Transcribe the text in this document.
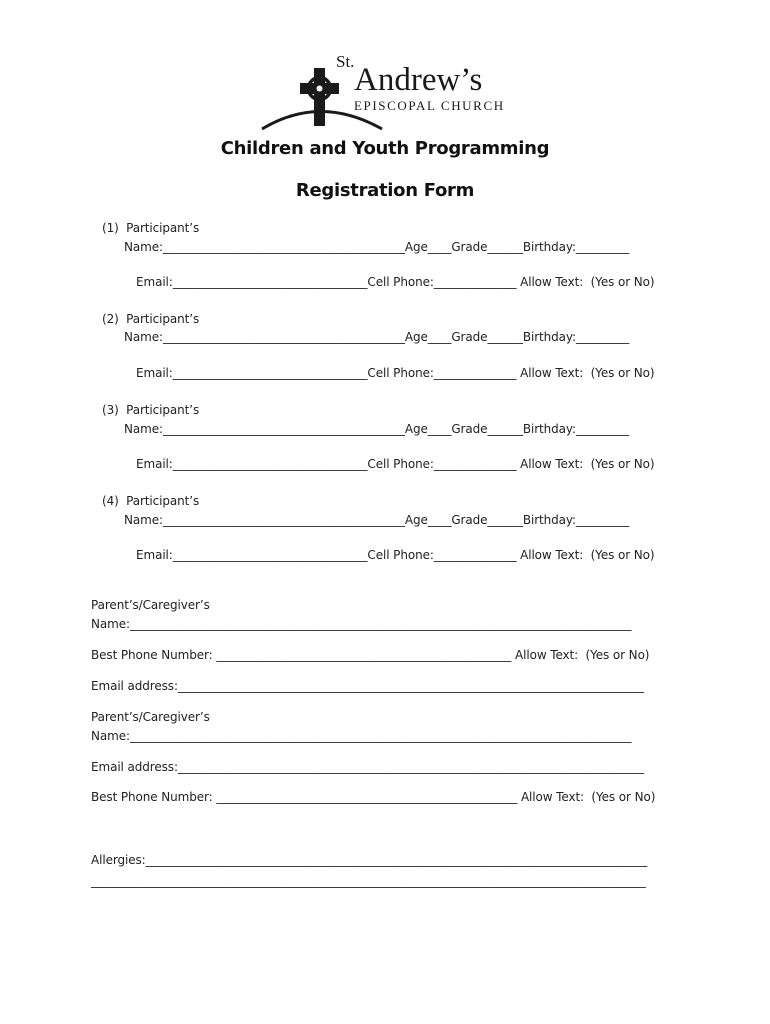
St.
Andrew’s
EPISCOPAL CHURCH
Children and Youth Programming
Registration Form
(1)  Participant’s
Name:_________________________________________Age____Grade______Birthday:_________
Email:_________________________________Cell Phone:______________ Allow Text:  (Yes or No)
(2)  Participant’s
Name:_________________________________________Age____Grade______Birthday:_________
Email:_________________________________Cell Phone:______________ Allow Text:  (Yes or No)
(3)  Participant’s
Name:_________________________________________Age____Grade______Birthday:_________
Email:_________________________________Cell Phone:______________ Allow Text:  (Yes or No)
(4)  Participant’s
Name:_________________________________________Age____Grade______Birthday:_________
Email:_________________________________Cell Phone:______________ Allow Text:  (Yes or No)
Parent’s/Caregiver’s
Name:_____________________________________________________________________________________
Best Phone Number: __________________________________________________ Allow Text:  (Yes or No)
Email address:_______________________________________________________________________________
Parent’s/Caregiver’s
Name:_____________________________________________________________________________________
Email address:_______________________________________________________________________________
Best Phone Number: ___________________________________________________ Allow Text:  (Yes or No)
Allergies:_____________________________________________________________________________________
______________________________________________________________________________________________
